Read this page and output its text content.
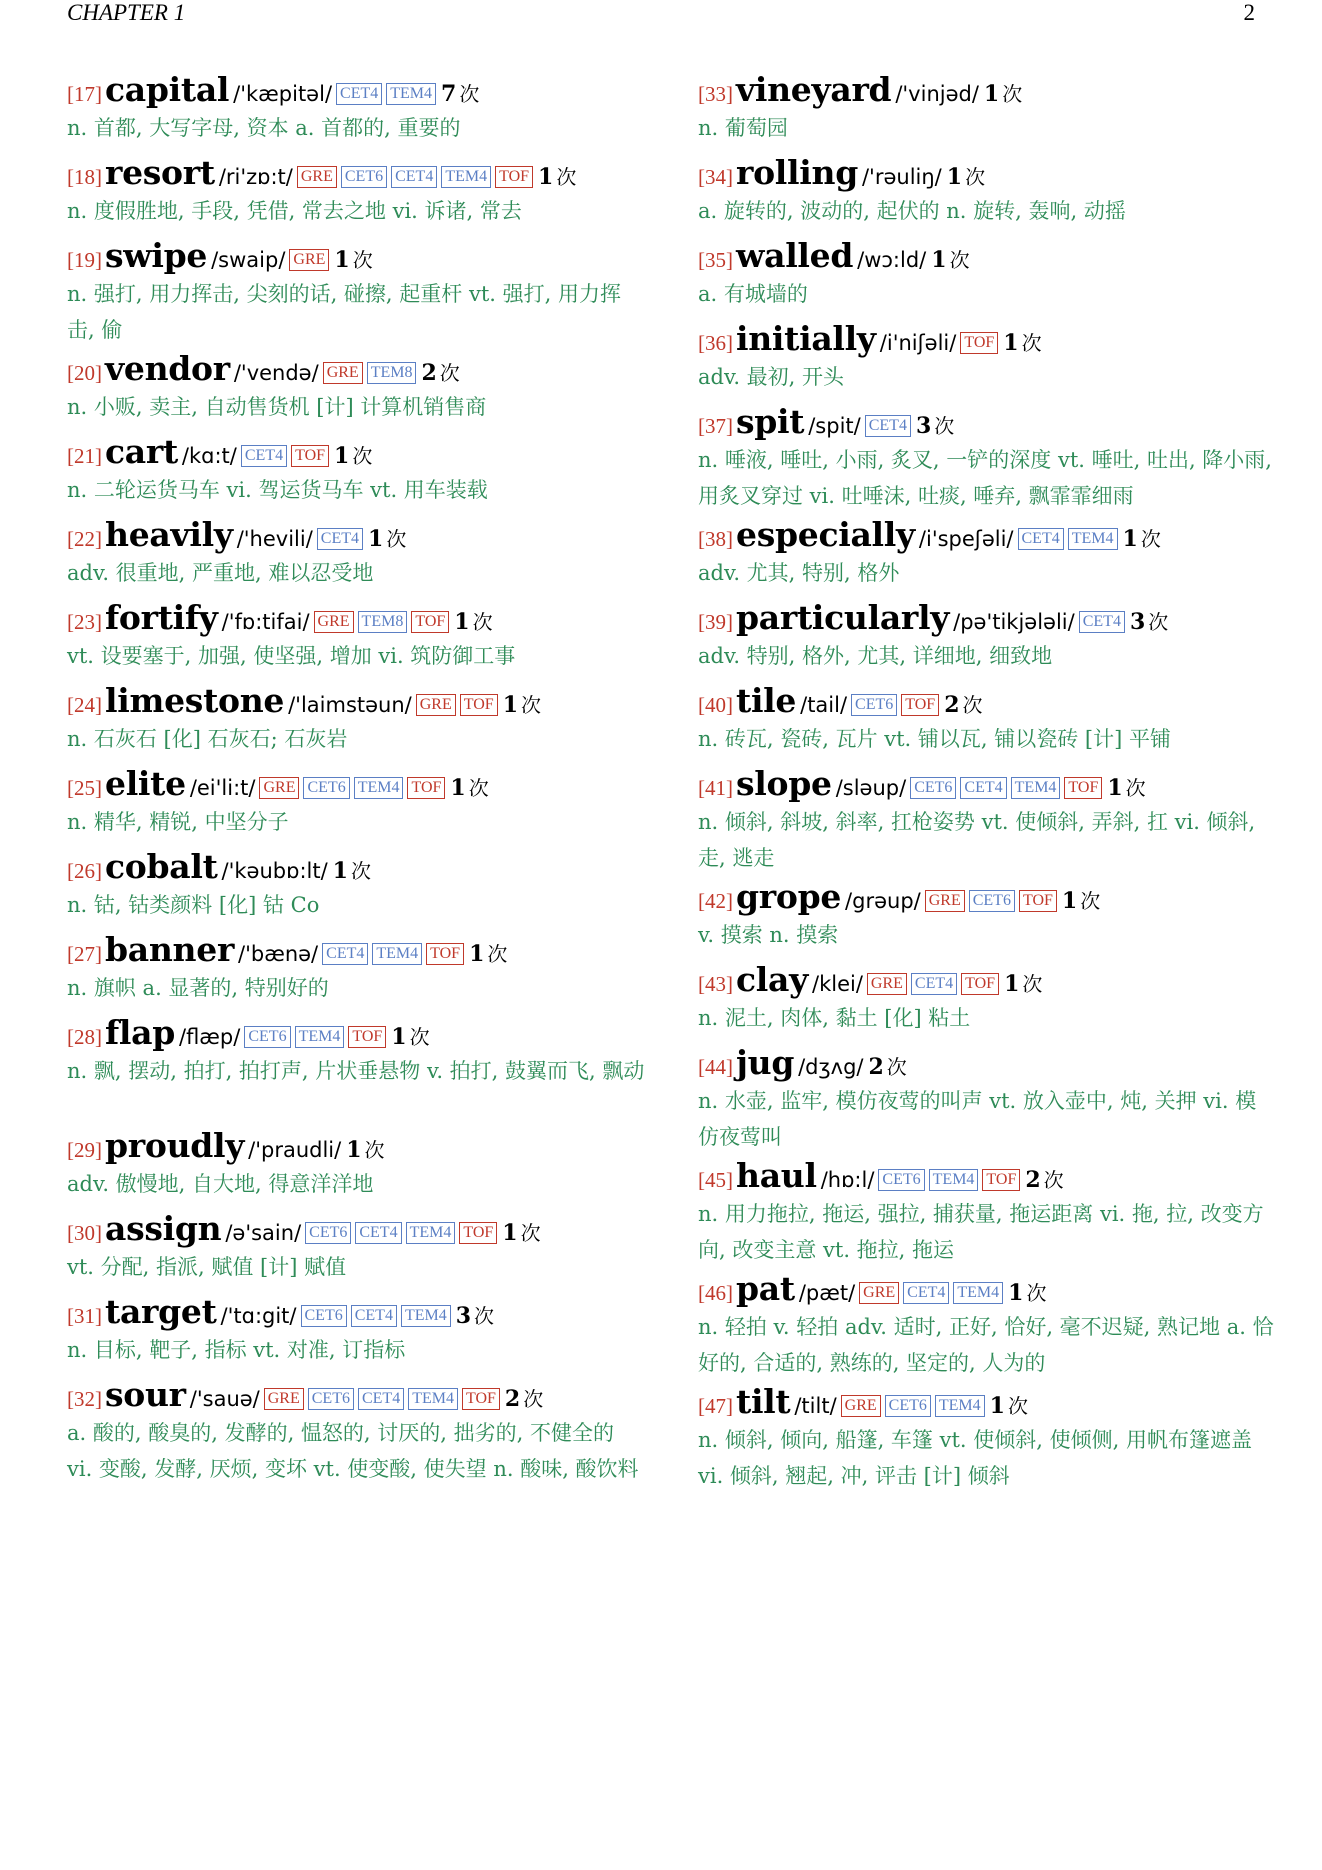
CHAPTER 1	2
[17]capital /'kæpitəl/ CET4 TEM4 7 次
n. 首都, 大写字母, 资本 a. 首都的, 重要的
[18]resort /ri'zɒ:t/ GRE CET6 CET4 TEM4 TOF 1 次
n. 度假胜地, 手段, 凭借, 常去之地 vi. 诉诸, 常去
[19]swipe /swaip/ GRE 1 次
n. 强打, 用力挥击, 尖刻的话, 碰擦, 起重杆 vt. 强打, 用力挥击, 偷
[20]vendor /'vendə/ GRE TEM8 2 次
n. 小贩, 卖主, 自动售货机 [计] 计算机销售商
[21]cart /kɑ:t/ CET4 TOF 1 次
n. 二轮运货马车 vi. 驾运货马车 vt. 用车装载
[22]heavily /'hevili/ CET4 1 次
adv. 很重地, 严重地, 难以忍受地
[23]fortify /'fɒ:tifai/ GRE TEM8 TOF 1 次
vt. 设要塞于, 加强, 使坚强, 增加 vi. 筑防御工事
[24]limestone /'laimstəun/ GRE TOF 1 次
n. 石灰石 [化] 石灰石; 石灰岩
[25]elite /ei'li:t/ GRE CET6 TEM4 TOF 1 次
n. 精华, 精锐, 中坚分子
[26]cobalt /'kəubɒ:lt/ 1 次
n. 钴, 钴类颜料 [化] 钴 Co
[27]banner /'bænə/ CET4 TEM4 TOF 1 次
n. 旗帜 a. 显著的, 特别好的
[28]flap /flæp/ CET6 TEM4 TOF 1 次
n. 飘, 摆动, 拍打, 拍打声, 片状垂悬物 v. 拍打, 鼓翼而飞, 飘动
[29]proudly /'praudli/ 1 次
adv. 傲慢地, 自大地, 得意洋洋地
[30]assign /ə'sain/ CET6 CET4 TEM4 TOF 1 次
vt. 分配, 指派, 赋值 [计] 赋值
[31]target /'tɑ:git/ CET6 CET4 TEM4 3 次
n. 目标, 靶子, 指标 vt. 对准, 订指标
[32]sour /'sauə/ GRE CET6 CET4 TEM4 TOF 2 次
a. 酸的, 酸臭的, 发酵的, 愠怒的, 讨厌的, 拙劣的, 不健全的 vi. 变酸, 发酵, 厌烦, 变坏 vt. 使变酸, 使失望 n. 酸味, 酸饮料
[33]vineyard /'vinjəd/ 1 次
n. 葡萄园
[34]rolling /'rəuliŋ/ 1 次
a. 旋转的, 波动的, 起伏的 n. 旋转, 轰响, 动摇
[35]walled /wɔ:ld/ 1 次
a. 有城墙的
[36]initially /i'niʃəli/ TOF 1 次
adv. 最初, 开头
[37]spit /spit/ CET4 3 次
n. 唾液, 唾吐, 小雨, 炙叉, 一铲的深度 vt. 唾吐, 吐出, 降小雨, 用炙叉穿过 vi. 吐唾沫, 吐痰, 唾弃, 飘霏霏细雨
[38]especially /i'speʃəli/ CET4 TEM4 1 次
adv. 尤其, 特别, 格外
[39]particularly /pə'tikjələli/ CET4 3 次
adv. 特别, 格外, 尤其, 详细地, 细致地
[40]tile /tail/ CET6 TOF 2 次
n. 砖瓦, 瓷砖, 瓦片 vt. 铺以瓦, 铺以瓷砖 [计] 平铺
[41]slope /sləup/ CET6 CET4 TEM4 TOF 1 次
n. 倾斜, 斜坡, 斜率, 扛枪姿势 vt. 使倾斜, 弄斜, 扛 vi. 倾斜, 走, 逃走
[42]grope /grəup/ GRE CET6 TOF 1 次
v. 摸索 n. 摸索
[43]clay /klei/ GRE CET4 TOF 1 次
n. 泥土, 肉体, 黏土 [化] 粘土
[44]jug /dʒʌg/ 2 次
n. 水壶, 监牢, 模仿夜莺的叫声 vt. 放入壶中, 炖, 关押 vi. 模仿夜莺叫
[45]haul /hɒ:l/ CET6 TEM4 TOF 2 次
n. 用力拖拉, 拖运, 强拉, 捕获量, 拖运距离 vi. 拖, 拉, 改变方向, 改变主意 vt. 拖拉, 拖运
[46]pat /pæt/ GRE CET4 TEM4 1 次
n. 轻拍 v. 轻拍 adv. 适时, 正好, 恰好, 毫不迟疑, 熟记地 a. 恰好的, 合适的, 熟练的, 坚定的, 人为的
[47]tilt /tilt/ GRE CET6 TEM4 1 次
n. 倾斜, 倾向, 船篷, 车篷 vt. 使倾斜, 使倾侧, 用帆布篷遮盖 vi. 倾斜, 翘起, 冲, 评击 [计] 倾斜
